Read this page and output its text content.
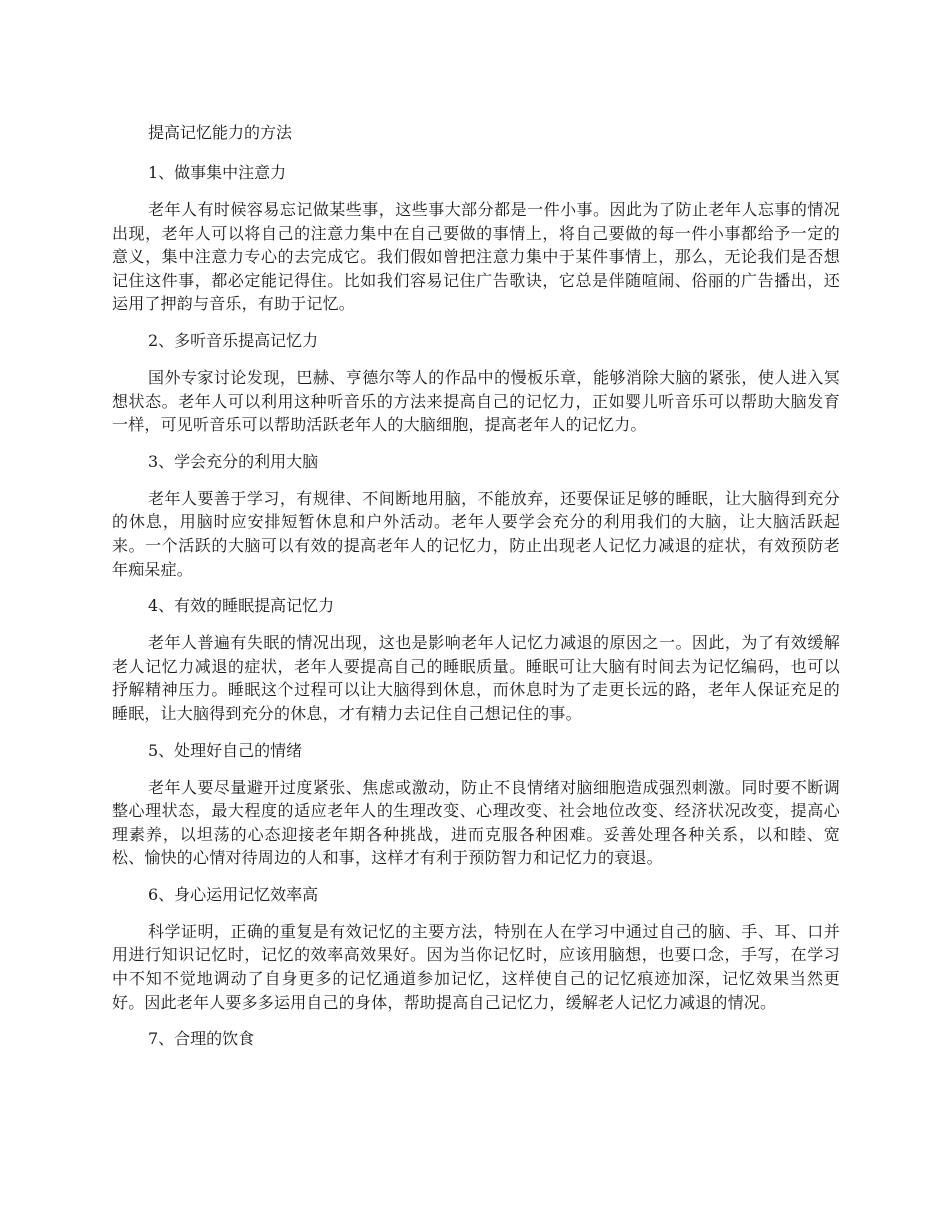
提高记忆能力的方法
1、做事集中注意力

老年人有时候容易忘记做某些事，这些事大部分都是一件小事。因此为了防止老年人忘事的情况出现，老年人可以将自己的注意力集中在自己要做的事情上，将自己要做的每一件小事都给予一定的意义，集中注意力专心的去完成它。我们假如曾把注意力集中于某件事情上，那么，无论我们是否想记住这件事，都必定能记得住。比如我们容易记住广告歌诀，它总是伴随喧闹、俗丽的广告播出，还运用了押韵与音乐，有助于记忆。

2、多听音乐提高记忆力

国外专家讨论发现，巴赫、亨德尔等人的作品中的慢板乐章，能够消除大脑的紧张，使人进入冥想状态。老年人可以利用这种听音乐的方法来提高自己的记忆力，正如婴儿听音乐可以帮助大脑发育一样，可见听音乐可以帮助活跃老年人的大脑细胞，提高老年人的记忆力。

3、学会充分的利用大脑

老年人要善于学习，有规律、不间断地用脑，不能放弃，还要保证足够的睡眠，让大脑得到充分的休息，用脑时应安排短暂休息和户外活动。老年人要学会充分的利用我们的大脑，让大脑活跃起来。一个活跃的大脑可以有效的提高老年人的记忆力，防止出现老人记忆力减退的症状，有效预防老年痴呆症。

4、有效的睡眠提高记忆力

老年人普遍有失眠的情况出现，这也是影响老年人记忆力减退的原因之一。因此，为了有效缓解老人记忆力减退的症状，老年人要提高自己的睡眠质量。睡眠可让大脑有时间去为记忆编码，也可以抒解精神压力。睡眠这个过程可以让大脑得到休息，而休息时为了走更长远的路，老年人保证充足的睡眠，让大脑得到充分的休息，才有精力去记住自己想记住的事。

5、处理好自己的情绪

老年人要尽量避开过度紧张、焦虑或激动，防止不良情绪对脑细胞造成强烈刺激。同时要不断调整心理状态，最大程度的适应老年人的生理改变、心理改变、社会地位改变、经济状况改变，提高心理素养，以坦荡的心态迎接老年期各种挑战，进而克服各种困难。妥善处理各种关系，以和睦、宽松、愉快的心情对待周边的人和事，这样才有利于预防智力和记忆力的衰退。

6、身心运用记忆效率高

科学证明，正确的重复是有效记忆的主要方法，特别在人在学习中通过自己的脑、手、耳、口并用进行知识记忆时，记忆的效率高效果好。因为当你记忆时，应该用脑想，也要口念，手写，在学习中不知不觉地调动了自身更多的记忆通道参加记忆，这样使自己的记忆痕迹加深，记忆效果当然更好。因此老年人要多多运用自己的身体，帮助提高自己记忆力，缓解老人记忆力减退的情况。

7、合理的饮食
